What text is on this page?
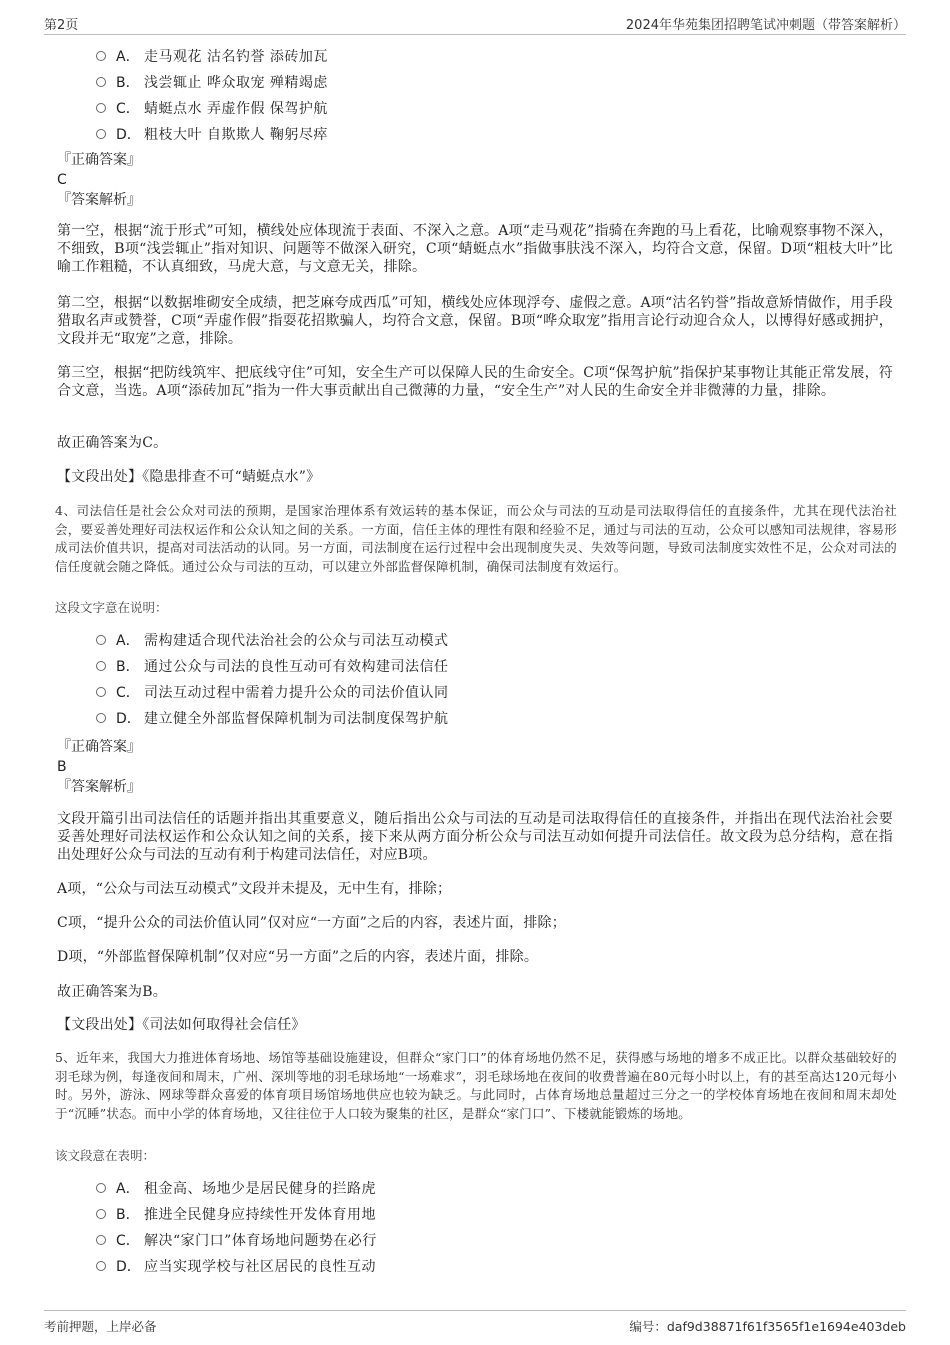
第2页	2024年华苑集团招聘笔试冲刺题（带答案解析）
A． 走马观花 沽名钓誉 添砖加瓦
B． 浅尝辄止 哗众取宠 殚精竭虑
C． 蜻蜓点水 弄虚作假 保驾护航
D． 粗枝大叶 自欺欺人 鞠躬尽瘁
『正确答案』
C
『答案解析』
第一空，根据“流于形式”可知，横线处应体现流于表面、不深入之意。A项“走马观花”指骑在奔跑的马上看花，比喻观察事物不深入，不细致，B项“浅尝辄止”指对知识、问题等不做深入研究，C项“蜻蜓点水”指做事肤浅不深入，均符合文意，保留。D项“粗枝大叶”比喻工作粗糙，不认真细致，马虎大意，与文意无关，排除。
第二空，根据“以数据堆砌安全成绩，把芝麻夸成西瓜”可知，横线处应体现浮夸、虚假之意。A项“沽名钓誉”指故意矫情做作，用手段猎取名声或赞誉，C项“弄虚作假”指耍花招欺骗人，均符合文意，保留。B项“哗众取宠”指用言论行动迎合众人，以博得好感或拥护，文段并无“取宠”之意，排除。
第三空，根据“把防线筑牢、把底线守住”可知，安全生产可以保障人民的生命安全。C项“保驾护航”指保护某事物让其能正常发展，符合文意，当选。A项“添砖加瓦”指为一件大事贡献出自己微薄的力量，“安全生产”对人民的生命安全并非微薄的力量，排除。
故正确答案为C。
【文段出处】《隐患排查不可“蜻蜓点水”》
4、司法信任是社会公众对司法的预期，是国家治理体系有效运转的基本保证，而公众与司法的互动是司法取得信任的直接条件，尤其在现代法治社会，要妥善处理好司法权运作和公众认知之间的关系。一方面，信任主体的理性有限和经验不足，通过与司法的互动，公众可以感知司法规律，容易形成司法价值共识，提高对司法活动的认同。另一方面，司法制度在运行过程中会出现制度失灵、失效等问题，导致司法制度实效性不足，公众对司法的信任度就会随之降低。通过公众与司法的互动，可以建立外部监督保障机制，确保司法制度有效运行。
这段文字意在说明：
A． 需构建适合现代法治社会的公众与司法互动模式
B． 通过公众与司法的良性互动可有效构建司法信任
C． 司法互动过程中需着力提升公众的司法价值认同
D． 建立健全外部监督保障机制为司法制度保驾护航
『正确答案』
B
『答案解析』
文段开篇引出司法信任的话题并指出其重要意义，随后指出公众与司法的互动是司法取得信任的直接条件，并指出在现代法治社会要妥善处理好司法权运作和公众认知之间的关系，接下来从两方面分析公众与司法互动如何提升司法信任。故文段为总分结构，意在指出处理好公众与司法的互动有利于构建司法信任，对应B项。
A项，“公众与司法互动模式”文段并未提及，无中生有，排除；
C项，“提升公众的司法价值认同”仅对应“一方面”之后的内容，表述片面，排除；
D项，“外部监督保障机制”仅对应“另一方面”之后的内容，表述片面，排除。
故正确答案为B。
【文段出处】《司法如何取得社会信任》
5、近年来，我国大力推进体育场地、场馆等基础设施建设，但群众“家门口”的体育场地仍然不足，获得感与场地的增多不成正比。以群众基础较好的羽毛球为例，每逢夜间和周末，广州、深圳等地的羽毛球场地“一场难求”，羽毛球场地在夜间的收费普遍在80元每小时以上，有的甚至高达120元每小时。另外，游泳、网球等群众喜爱的体育项目场馆场地供应也较为缺乏。与此同时，占体育场地总量超过三分之一的学校体育场地在夜间和周末却处于“沉睡”状态。而中小学的体育场地，又往往位于人口较为聚集的社区，是群众“家门口”、下楼就能锻炼的场地。
该文段意在表明：
A． 租金高、场地少是居民健身的拦路虎
B． 推进全民健身应持续性开发体育用地
C． 解决“家门口”体育场地问题势在必行
D． 应当实现学校与社区居民的良性互动
考前押题，上岸必备	编号：daf9d38871f61f3565f1e1694e403deb
